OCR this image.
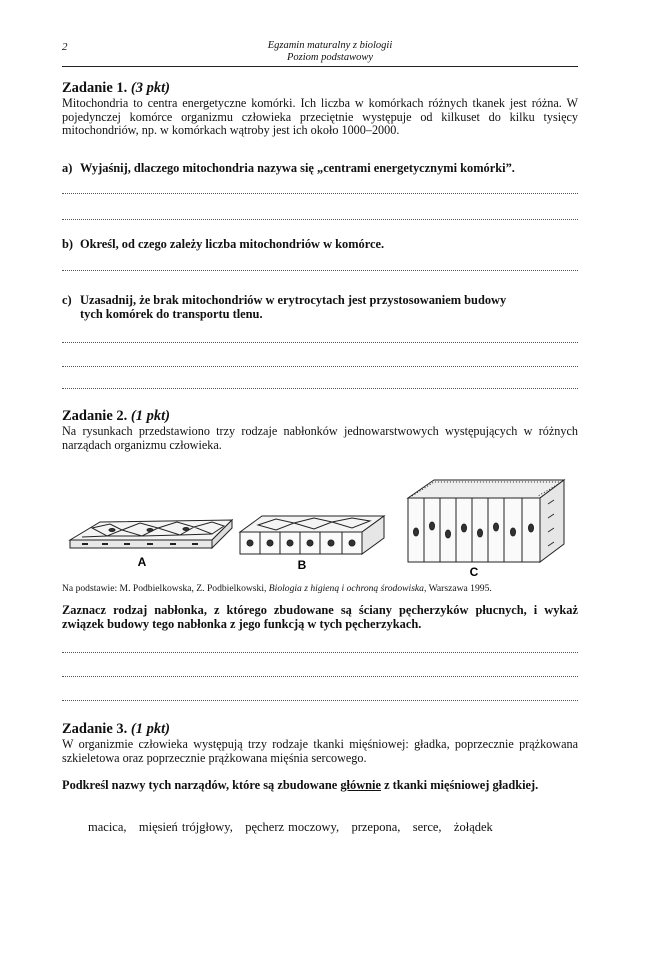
2	Egzamin maturalny z biologii
Poziom podstawowy
Zadanie 1. (3 pkt)
Mitochondria to centra energetyczne komórki. Ich liczba w komórkach różnych tkanek jest różna. W pojedynczej komórce organizmu człowieka przeciętnie występuje od kilkuset do kilku tysięcy mitochondriów, np. w komórkach wątroby jest ich około 1000–2000.
a) Wyjaśnij, dlaczego mitochondria nazywa się „centrami energetycznymi komórki”.
b) Określ, od czego zależy liczba mitochondriów w komórce.
c) Uzasadnij, że brak mitochondriów w erytrocytach jest przystosowaniem budowy
tych komórek do transportu tlenu.
Zadanie 2. (1 pkt)
Na rysunkach przedstawiono trzy rodzaje nabłonków jednowarstwowych występujących w różnych narządach organizmu człowieka.
A	B	C
Na podstawie: M. Podbielkowska, Z. Podbielkowski, Biologia z higieną i ochroną środowiska, Warszawa 1995.
Zaznacz rodzaj nabłonka, z którego zbudowane są ściany pęcherzyków płucnych, i wykaż związek budowy tego nabłonka z jego funkcją w tych pęcherzykach.
Zadanie 3. (1 pkt)
W organizmie człowieka występują trzy rodzaje tkanki mięśniowej: gładka, poprzecznie prążkowana szkieletowa oraz poprzecznie prążkowana mięśnia sercowego.
Podkreśl nazwy tych narządów, które są zbudowane głównie z tkanki mięśniowej gładkiej.
macica,   mięsień trójgłowy,   pęcherz moczowy,   przepona,   serce,   żołądek
